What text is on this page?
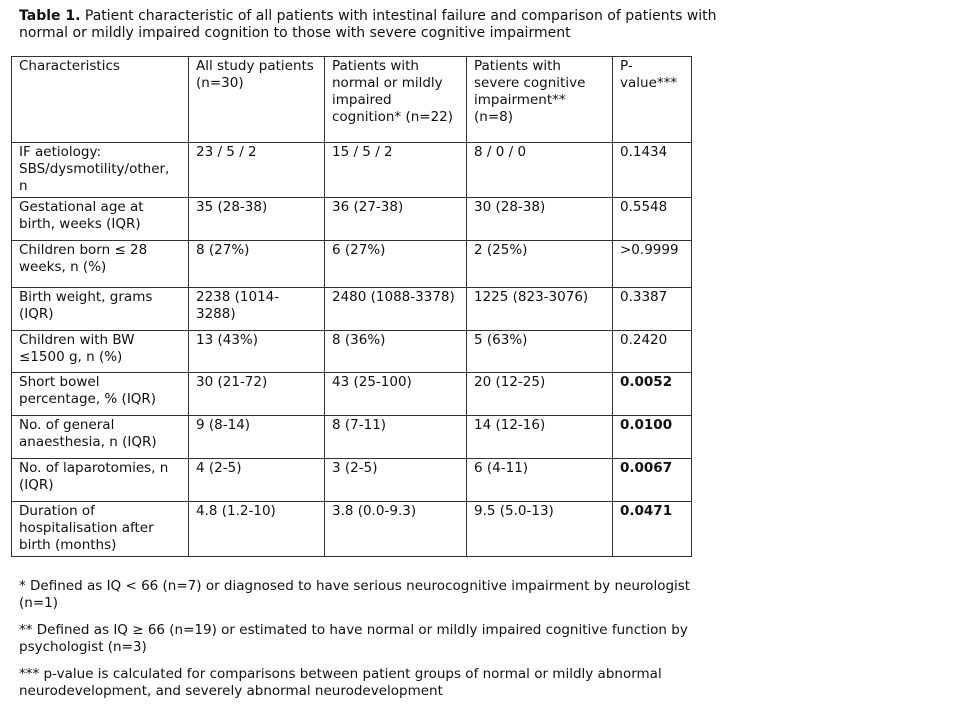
Table 1. Patient characteristic of all patients with intestinal failure and comparison of patients with normal or mildly impaired cognition to those with severe cognitive impairment

Characteristics	All study patients (n=30)	Patients with normal or mildly impaired cognition* (n=22)	Patients with severe cognitive impairment** (n=8)	P-value***
IF aetiology: SBS/dysmotility/other, n	23 / 5 / 2	15 / 5 / 2	8 / 0 / 0	0.1434
Gestational age at birth, weeks (IQR)	35 (28-38)	36 (27-38)	30 (28-38)	0.5548
Children born ≤ 28 weeks, n (%)	8 (27%)	6 (27%)	2 (25%)	>0.9999
Birth weight, grams (IQR)	2238 (1014-3288)	2480 (1088-3378)	1225 (823-3076)	0.3387
Children with BW ≤1500 g, n (%)	13 (43%)	8 (36%)	5 (63%)	0.2420
Short bowel percentage, % (IQR)	30 (21-72)	43 (25-100)	20 (12-25)	0.0052
No. of general anaesthesia, n (IQR)	9 (8-14)	8 (7-11)	14 (12-16)	0.0100
No. of laparotomies, n (IQR)	4 (2-5)	3 (2-5)	6 (4-11)	0.0067
Duration of hospitalisation after birth (months)	4.8 (1.2-10)	3.8 (0.0-9.3)	9.5 (5.0-13)	0.0471

* Defined as IQ < 66 (n=7) or diagnosed to have serious neurocognitive impairment by neurologist (n=1)

** Defined as IQ ≥ 66 (n=19) or estimated to have normal or mildly impaired cognitive function by psychologist (n=3)

*** p-value is calculated for comparisons between patient groups of normal or mildly abnormal neurodevelopment, and severely abnormal neurodevelopment
